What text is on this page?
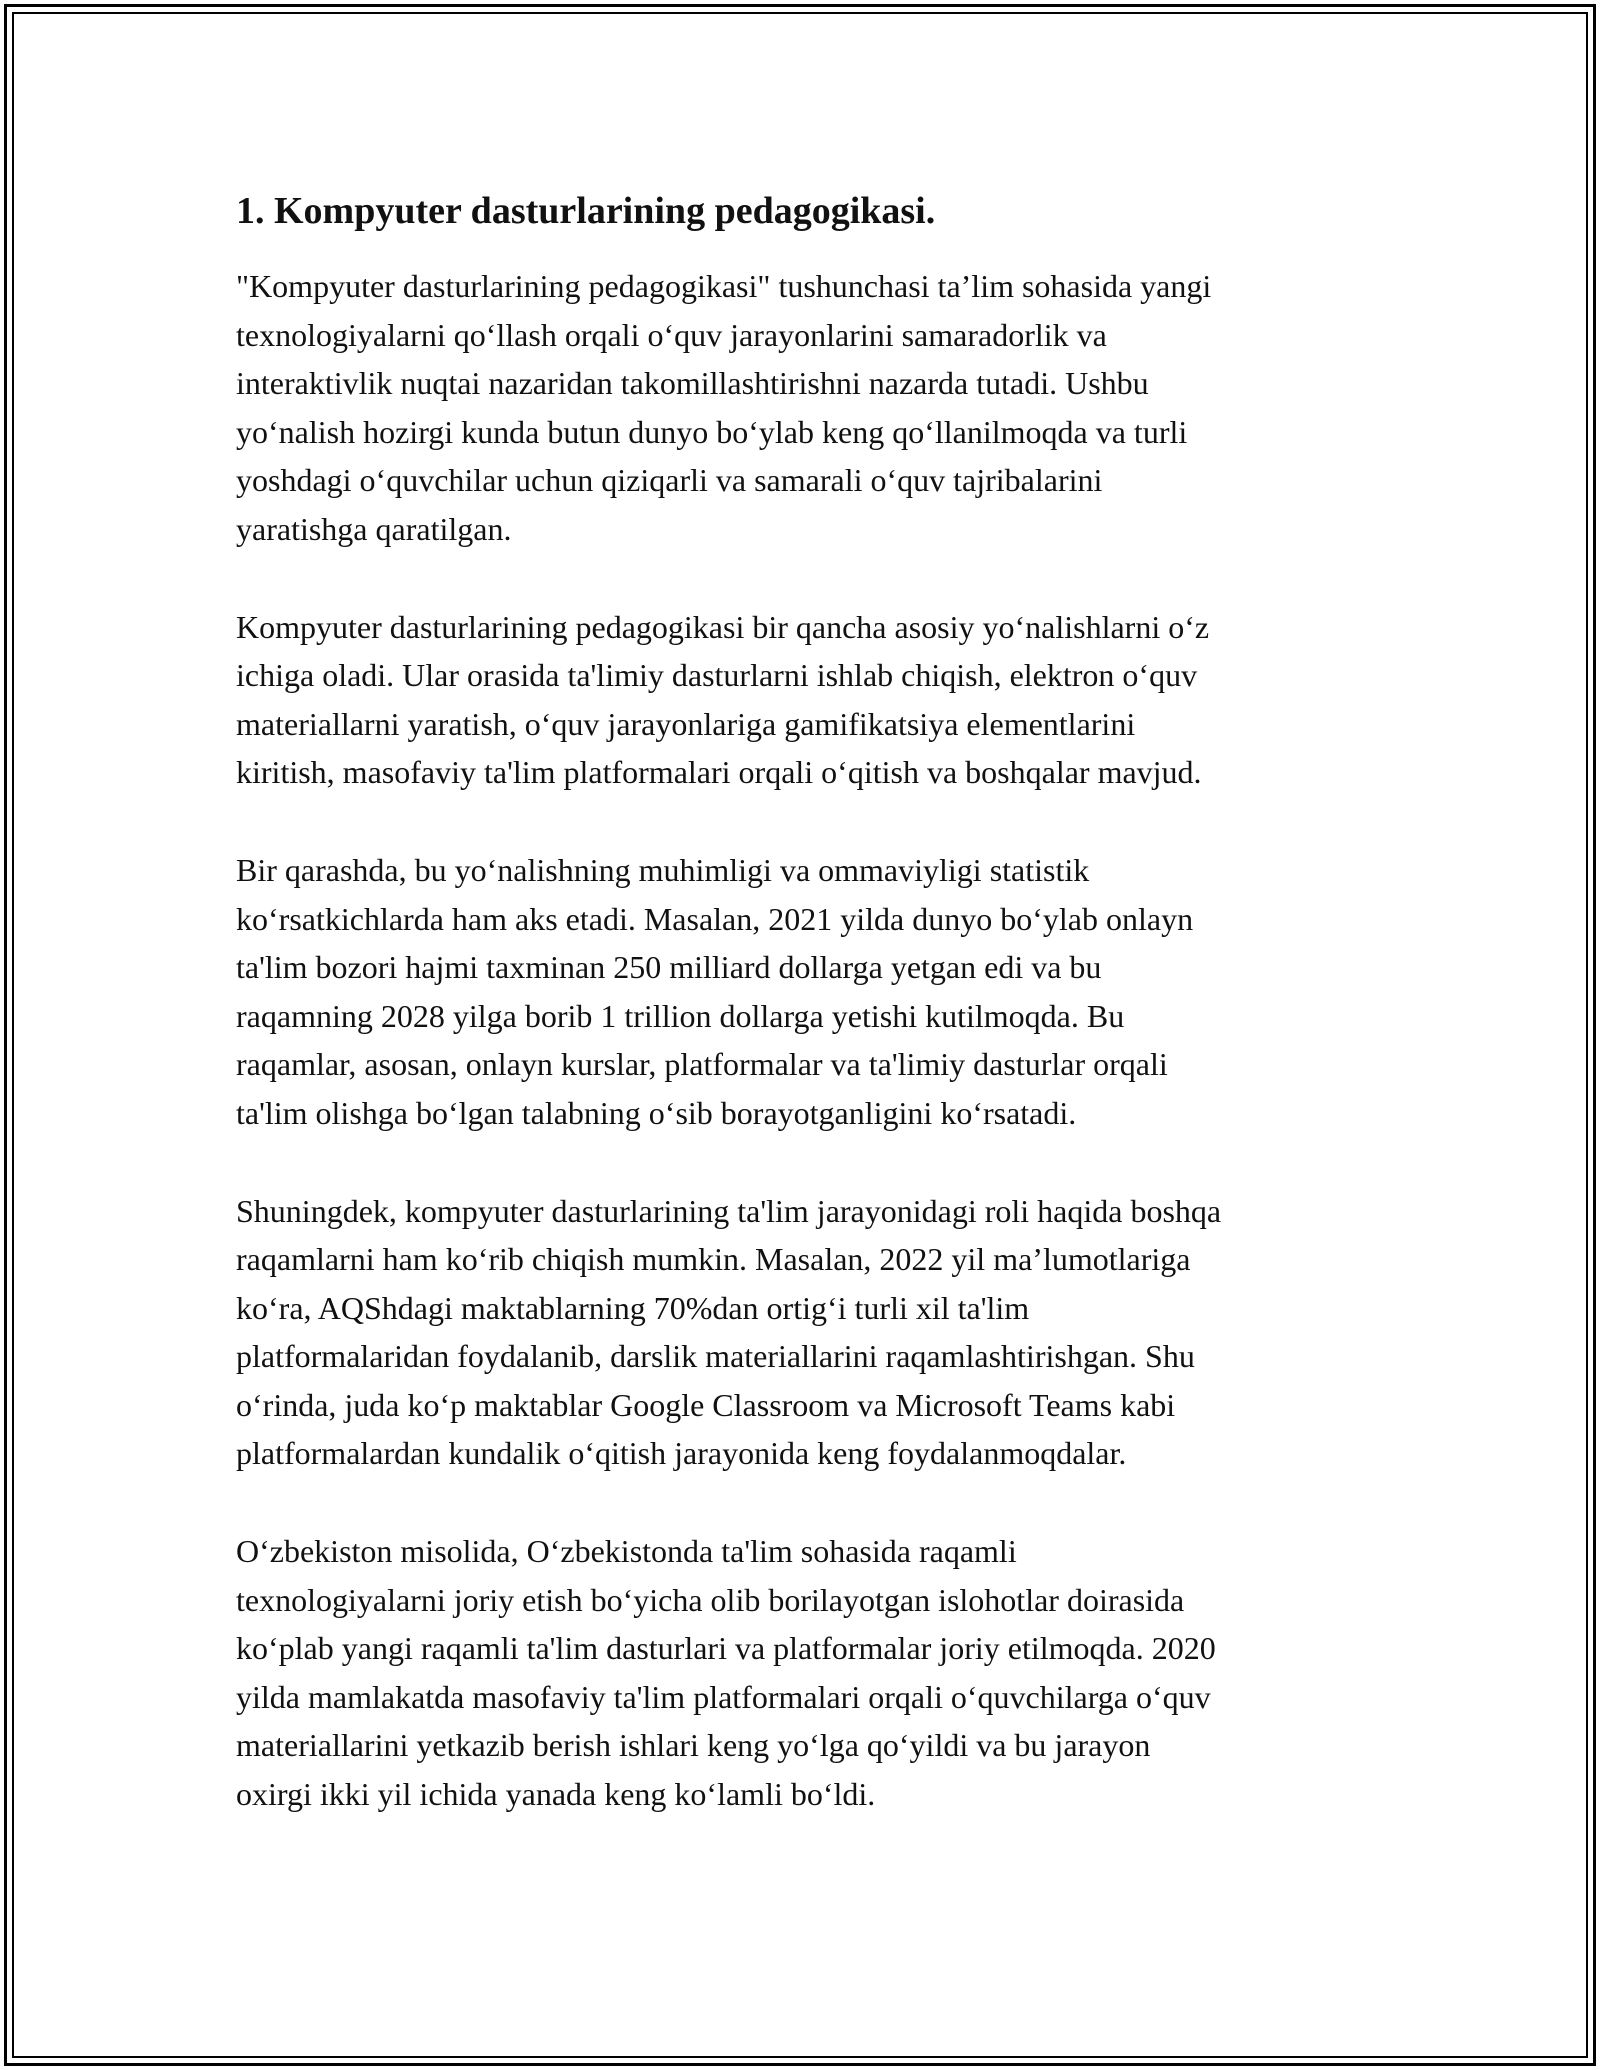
1. Kompyuter dasturlarining pedagogikasi.

"Kompyuter dasturlarining pedagogikasi" tushunchasi ta’lim sohasida yangi
texnologiyalarni qo‘llash orqali o‘quv jarayonlarini samaradorlik va
interaktivlik nuqtai nazaridan takomillashtirishni nazarda tutadi. Ushbu
yo‘nalish hozirgi kunda butun dunyo bo‘ylab keng qo‘llanilmoqda va turli
yoshdagi o‘quvchilar uchun qiziqarli va samarali o‘quv tajribalarini
yaratishga qaratilgan.

Kompyuter dasturlarining pedagogikasi bir qancha asosiy yo‘nalishlarni o‘z
ichiga oladi. Ular orasida ta'limiy dasturlarni ishlab chiqish, elektron o‘quv
materiallarni yaratish, o‘quv jarayonlariga gamifikatsiya elementlarini
kiritish, masofaviy ta'lim platformalari orqali o‘qitish va boshqalar mavjud.

Bir qarashda, bu yo‘nalishning muhimligi va ommaviyligi statistik
ko‘rsatkichlarda ham aks etadi. Masalan, 2021 yilda dunyo bo‘ylab onlayn
ta'lim bozori hajmi taxminan 250 milliard dollarga yetgan edi va bu
raqamning 2028 yilga borib 1 trillion dollarga yetishi kutilmoqda. Bu
raqamlar, asosan, onlayn kurslar, platformalar va ta'limiy dasturlar orqali
ta'lim olishga bo‘lgan talabning o‘sib borayotganligini ko‘rsatadi.

Shuningdek, kompyuter dasturlarining ta'lim jarayonidagi roli haqida boshqa
raqamlarni ham ko‘rib chiqish mumkin. Masalan, 2022 yil ma’lumotlariga
ko‘ra, AQShdagi maktablarning 70%dan ortig‘i turli xil ta'lim
platformalaridan foydalanib, darslik materiallarini raqamlashtirishgan. Shu
o‘rinda, juda ko‘p maktablar Google Classroom va Microsoft Teams kabi
platformalardan kundalik o‘qitish jarayonida keng foydalanmoqdalar.

O‘zbekiston misolida, O‘zbekistonda ta'lim sohasida raqamli
texnologiyalarni joriy etish bo‘yicha olib borilayotgan islohotlar doirasida
ko‘plab yangi raqamli ta'lim dasturlari va platformalar joriy etilmoqda. 2020
yilda mamlakatda masofaviy ta'lim platformalari orqali o‘quvchilarga o‘quv
materiallarini yetkazib berish ishlari keng yo‘lga qo‘yildi va bu jarayon
oxirgi ikki yil ichida yanada keng ko‘lamli bo‘ldi.
